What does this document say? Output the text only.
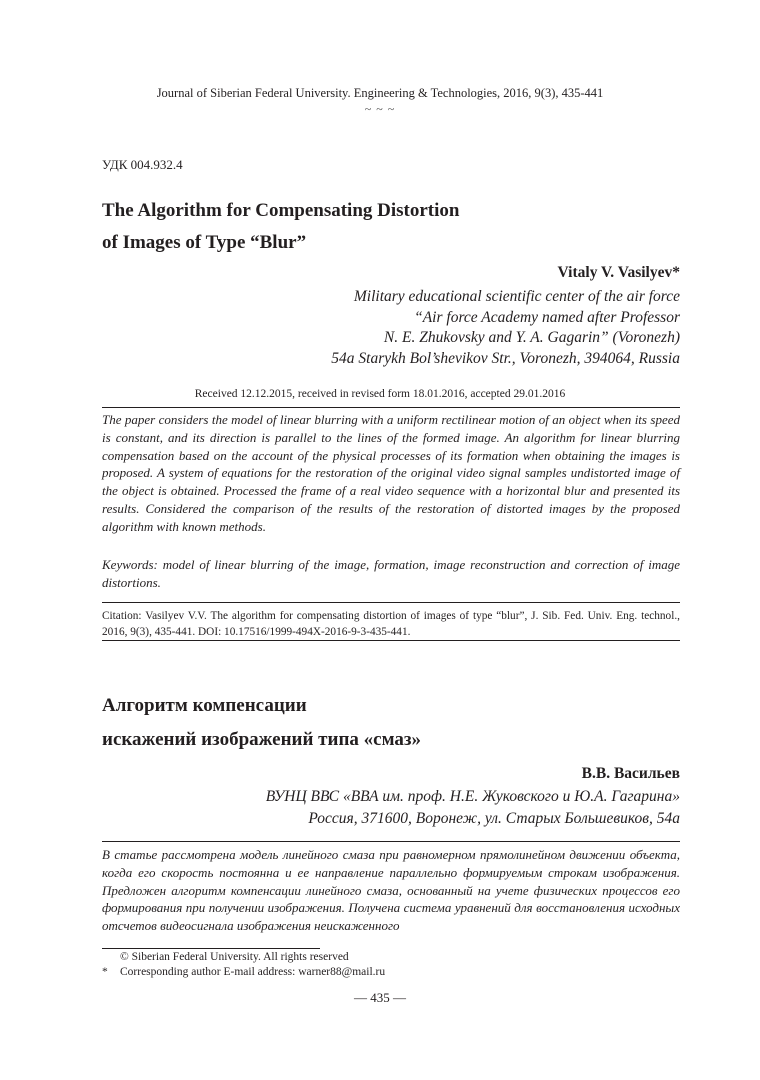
Journal of Siberian Federal University. Engineering & Technologies, 2016, 9(3), 435-441
~ ~ ~
УДК 004.932.4
The Algorithm for Compensating Distortion
of Images of Type “Blur”
Vitaly V. Vasilyev*
Military educational scientific center of the air force
“Air force Academy named after Professor
N. E. Zhukovsky and Y. A. Gagarin” (Voronezh)
54a Starykh Bol’shevikov Str., Voronezh, 394064, Russia
Received 12.12.2015, received in revised form 18.01.2016, accepted 29.01.2016
The paper considers the model of linear blurring with a uniform rectilinear motion of an object when its speed is constant, and its direction is parallel to the lines of the formed image. An algorithm for linear blurring compensation based on the account of the physical processes of its formation when obtaining the images is proposed. A system of equations for the restoration of the original video signal samples undistorted image of the object is obtained. Processed the frame of a real video sequence with a horizontal blur and presented its results. Considered the comparison of the results of the restoration of distorted images by the proposed algorithm with known methods.
Keywords: model of linear blurring of the image, formation, image reconstruction and correction of image distortions.
Citation: Vasilyev V.V. The algorithm for compensating distortion of images of type “blur”, J. Sib. Fed. Univ. Eng. technol., 2016, 9(3), 435-441. DOI: 10.17516/1999-494X-2016-9-3-435-441.
Алгоритм компенсации
искажений изображений типа «смаз»
В.В. Васильев
ВУНЦ ВВС «ВВА им. проф. Н.Е. Жуковского и Ю.А. Гагарина»
Россия, 371600, Воронеж, ул. Старых Большевиков, 54а
В статье рассмотрена модель линейного смаза при равномерном прямолинейном движении объекта, когда его скорость постоянна и ее направление параллельно формируемым строкам изображения. Предложен алгоритм компенсации линейного смаза, основанный на учете физических процессов его формирования при получении изображения. Получена система уравнений для восстановления исходных отсчетов видеосигнала изображения неискаженного
© Siberian Federal University. All rights reserved
* Corresponding author E-mail address: warner88@mail.ru
— 435 —
